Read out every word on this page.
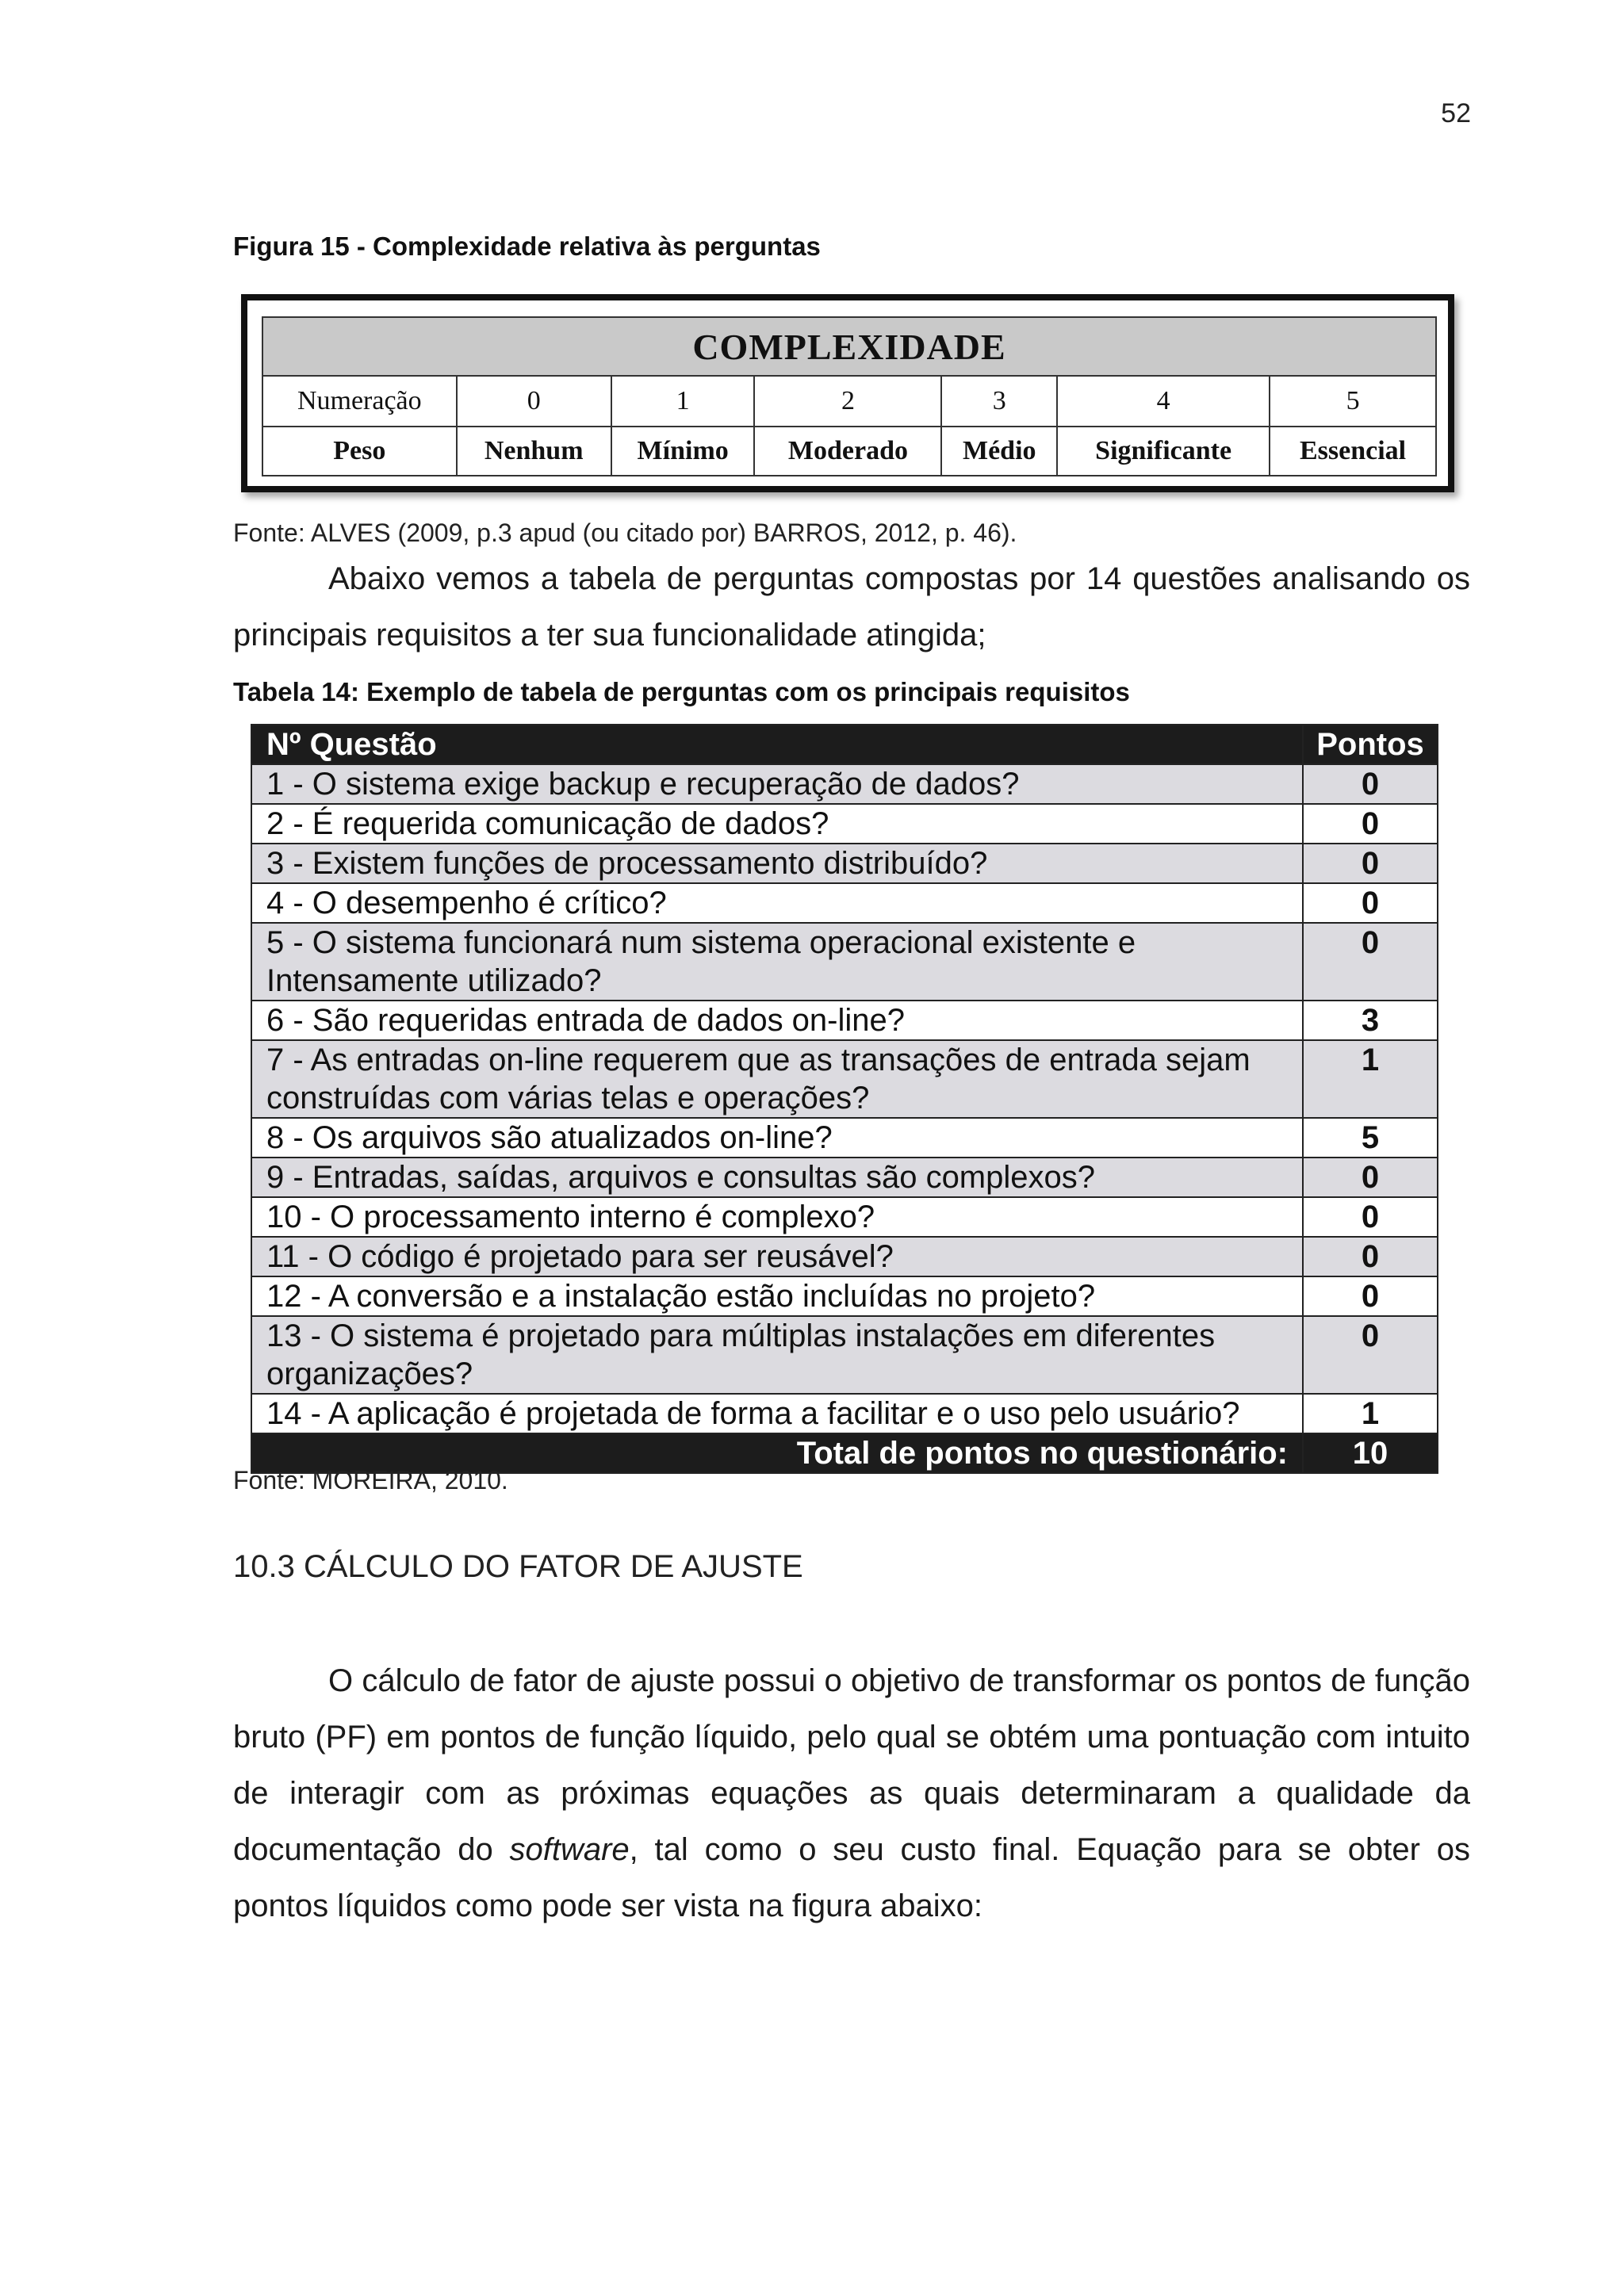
52
Figura 15 - Complexidade relativa às perguntas
COMPLEXIDADE						
Numeração	0	1	2	3	4	5
Peso	Nenhum	Mínimo	Moderado	Médio	Significante	Essencial
Fonte: ALVES (2009, p.3 apud (ou citado por) BARROS, 2012, p. 46).

Abaixo vemos a tabela de perguntas compostas por 14 questões analisando os principais requisitos a ter sua funcionalidade atingida;

Tabela 14: Exemplo de tabela de perguntas com os principais requisitos
Nº Questão	Pontos
1 - O sistema exige backup e recuperação de dados?	0
2 - É requerida comunicação de dados?	0
3 - Existem funções de processamento distribuído?	0
4 - O desempenho é crítico?	0
5 - O sistema funcionará num sistema operacional existente e Intensamente utilizado?	0
6 - São requeridas entrada de dados on-line?	3
7 - As entradas on-line requerem que as transações de entrada sejam construídas com várias telas e operações?	1
8 - Os arquivos são atualizados on-line?	5
9 - Entradas, saídas, arquivos e consultas são complexos?	0
10 - O processamento interno é complexo?	0
11 - O código é projetado para ser reusável?	0
12 - A conversão e a instalação estão incluídas no projeto?	0
13 - O sistema é projetado para múltiplas instalações em diferentes organizações?	0
14 - A aplicação é projetada de forma a facilitar e o uso pelo usuário?	1
Total de pontos no questionário:	10
Fonte: MOREIRA, 2010.
10.3 CÁLCULO DO FATOR DE AJUSTE

O cálculo de fator de ajuste possui o objetivo de transformar os pontos de função bruto (PF) em pontos de função líquido, pelo qual se obtém uma pontuação com intuito de interagir com as próximas equações as quais determinaram a qualidade da documentação do software, tal como o seu custo final. Equação para se obter os pontos líquidos como pode ser vista na figura abaixo:
